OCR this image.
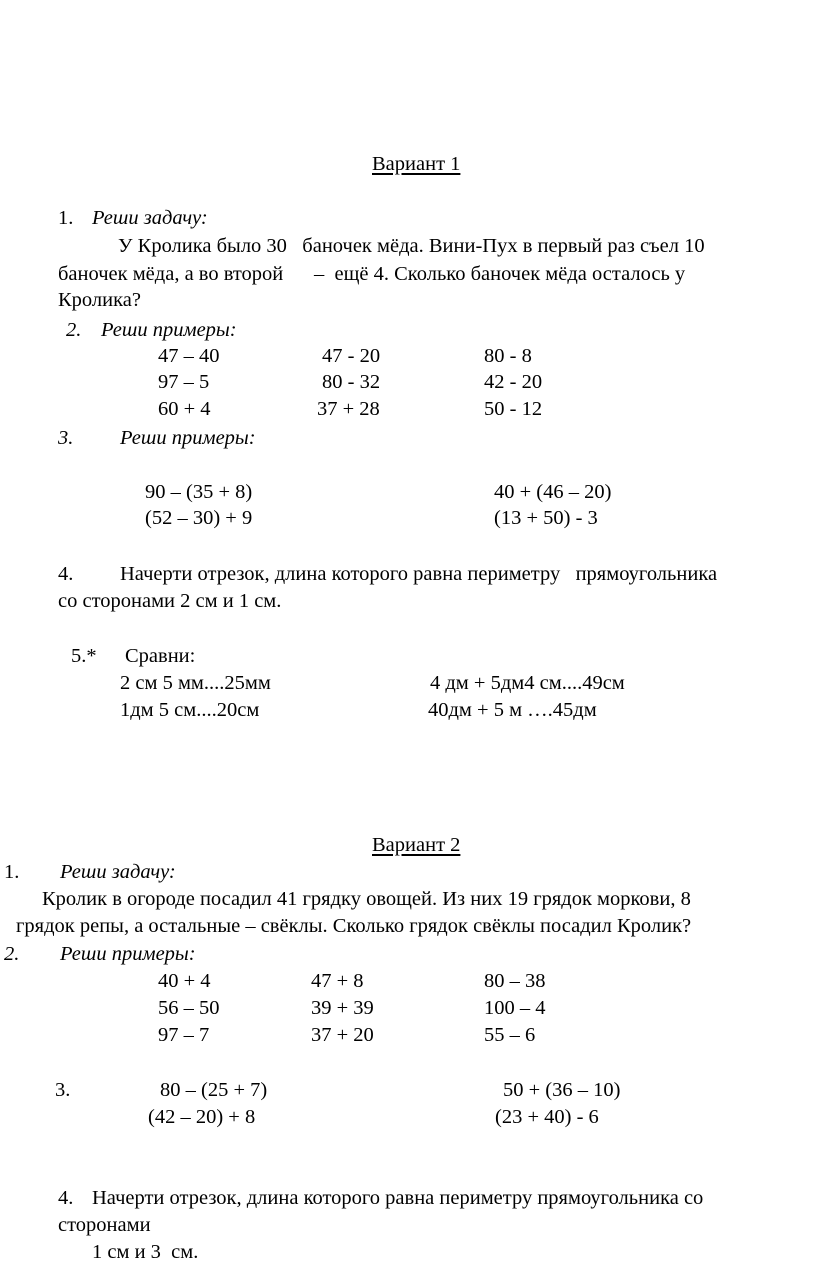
Вариант 1
1. Реши задачу:
У Кролика было 30   баночек мёда. Вини-Пух в первый раз съел 10
баночек мёда, а во второй      –  ещё 4. Сколько баночек мёда осталось у
Кролика?
2. Реши примеры:
47 – 40	47 - 20	80 - 8
97 – 5	80 - 32	42 - 20
60 + 4	37 + 28	50 - 12
3. Реши примеры:
90 – (35 + 8)	40 + (46 – 20)
(52 – 30) + 9	(13 + 50) - 3
4. Начерти отрезок, длина которого равна периметру   прямоугольника
со сторонами 2 см и 1 см.
5.* Сравни:
2 см 5 мм....25мм	4 дм + 5дм4 см....49см
1дм 5 см....20см	40дм + 5 м ….45дм
Вариант 2
1. Реши задачу:
Кролик в огороде посадил 41 грядку овощей. Из них 19 грядок моркови, 8
грядок репы, а остальные – свёклы. Сколько грядок свёклы посадил Кролик?
2. Реши примеры:
40 + 4	47 + 8	80 – 38
56 – 50	39 + 39	100 – 4
97 – 7	37 + 20	55 – 6
3.	80 – (25 + 7)	50 + (36 – 10)
(42 – 20) + 8	(23 + 40) - 6
4. Начерти отрезок, длина которого равна периметру прямоугольника со
сторонами
1 см и 3  см.
